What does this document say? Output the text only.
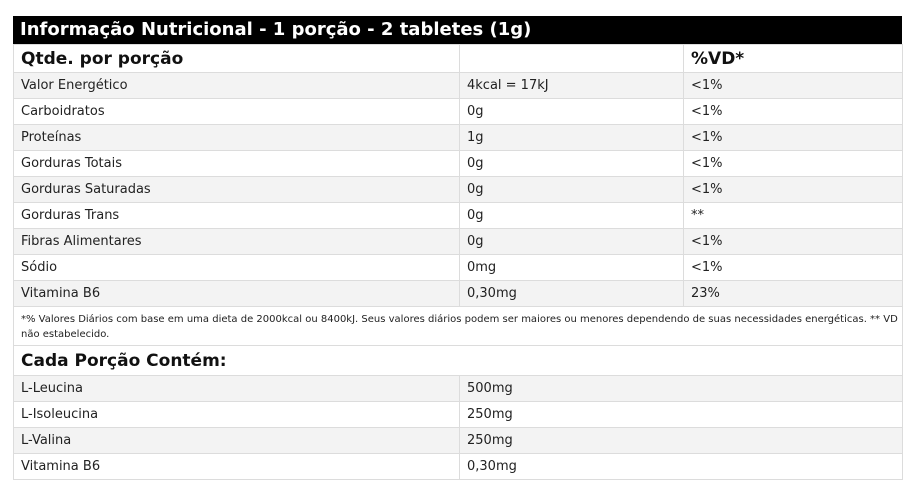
Informação Nutricional - 1 porção - 2 tabletes (1g)
Qtde. por porção		%VD*
Valor Energético	4kcal = 17kJ	<1%
Carboidratos	0g	<1%
Proteínas	1g	<1%
Gorduras Totais	0g	<1%
Gorduras Saturadas	0g	<1%
Gorduras Trans	0g	**
Fibras Alimentares	0g	<1%
Sódio	0mg	<1%
Vitamina B6	0,30mg	23%
*% Valores Diários com base em uma dieta de 2000kcal ou 8400kJ. Seus valores diários podem ser maiores ou menores dependendo de suas necessidades energéticas. ** VD não estabelecido.		
Cada Porção Contém:		
L-Leucina	500mg	
L-Isoleucina	250mg	
L-Valina	250mg	
Vitamina B6	0,30mg	
